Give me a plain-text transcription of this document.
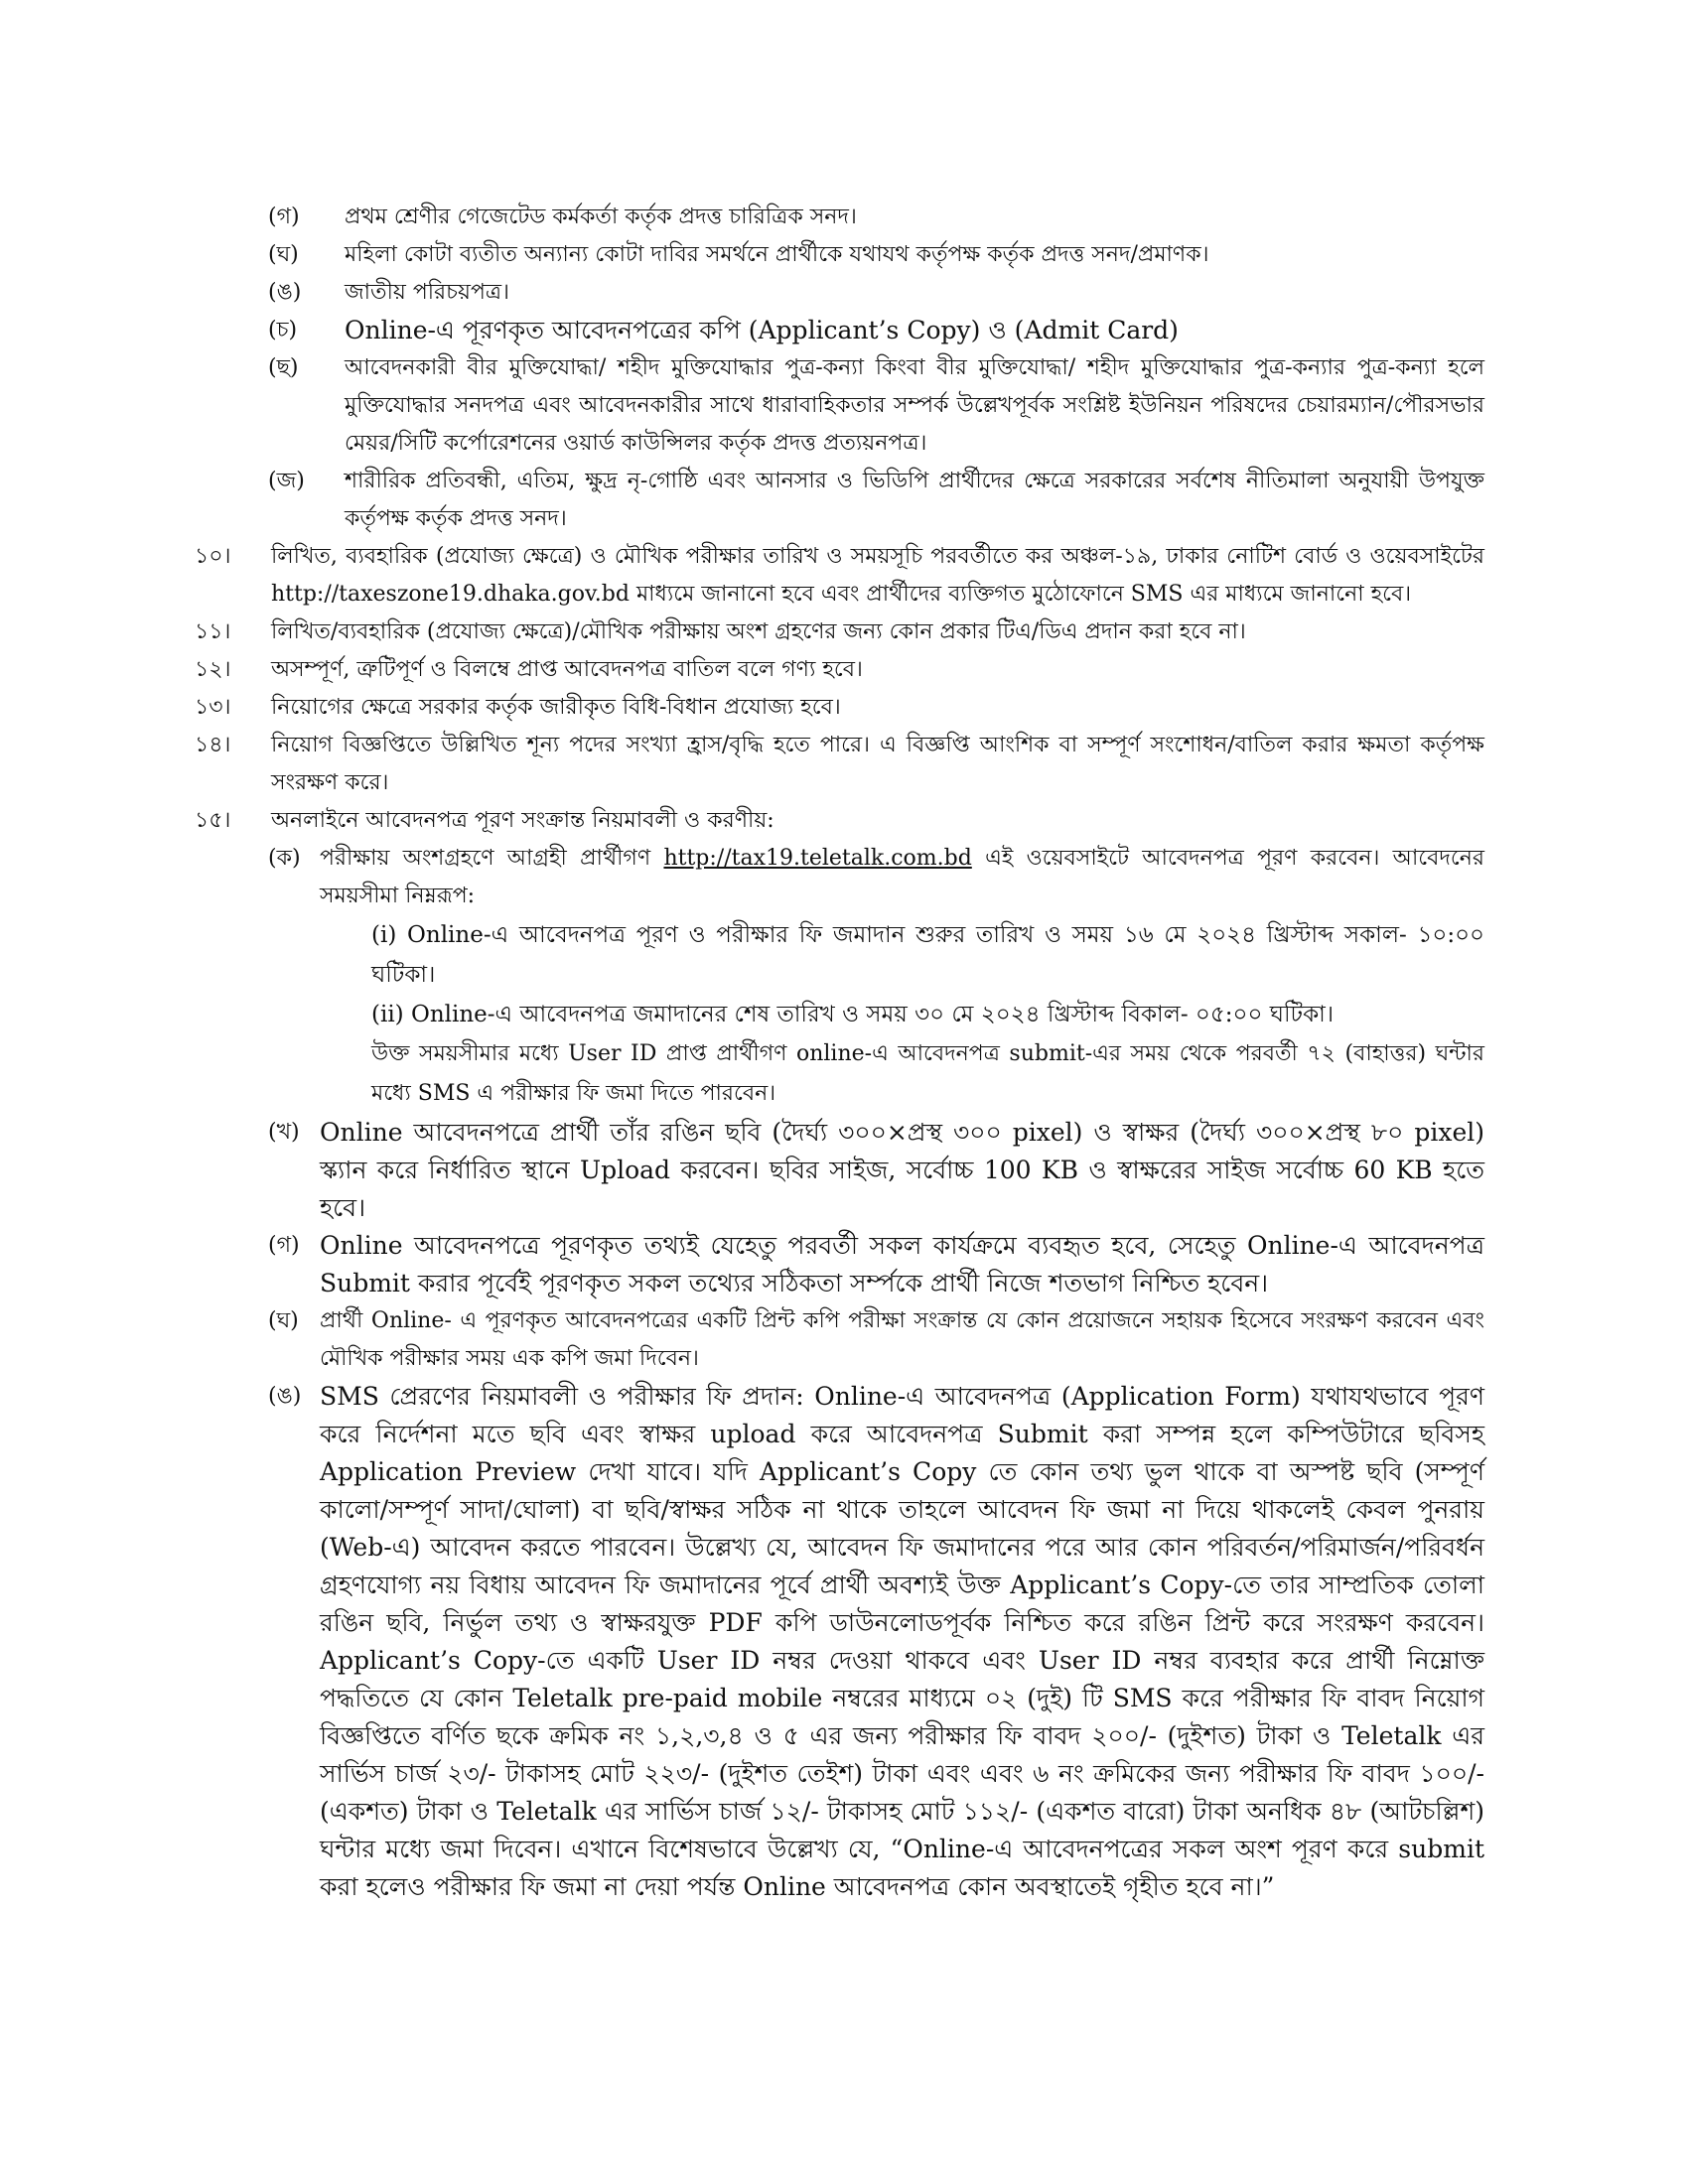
(গ)	প্রথম শ্রেণীর গেজেটেড কর্মকর্তা কর্তৃক প্রদত্ত চারিত্রিক সনদ।
(ঘ)	মহিলা কোটা ব্যতীত অন্যান্য কোটা দাবির সমর্থনে প্রার্থীকে যথাযথ কর্তৃপক্ষ কর্তৃক প্রদত্ত সনদ/প্রমাণক।
(ঙ)	জাতীয় পরিচয়পত্র।
(চ)	Online-এ পূরণকৃত আবেদনপত্রের কপি (Applicant’s Copy) ও (Admit Card)
(ছ)	আবেদনকারী বীর মুক্তিযোদ্ধা/ শহীদ মুক্তিযোদ্ধার পুত্র-কন্যা কিংবা বীর মুক্তিযোদ্ধা/ শহীদ মুক্তিযোদ্ধার পুত্র-কন্যার পুত্র-কন্যা হলে মুক্তিযোদ্ধার সনদপত্র এবং আবেদনকারীর সাথে ধারাবাহিকতার সম্পর্ক উল্লেখপূর্বক সংশ্লিষ্ট ইউনিয়ন পরিষদের চেয়ারম্যান/পৌরসভার মেয়র/সিটি কর্পোরেশনের ওয়ার্ড কাউন্সিলর কর্তৃক প্রদত্ত প্রত্যয়নপত্র।
(জ)	শারীরিক প্রতিবন্ধী, এতিম, ক্ষুদ্র নৃ-গোষ্ঠি এবং আনসার ও ভিডিপি প্রার্থীদের ক্ষেত্রে সরকারের সর্বশেষ নীতিমালা অনুযায়ী উপযুক্ত কর্তৃপক্ষ কর্তৃক প্রদত্ত সনদ।
১০।	লিখিত, ব্যবহারিক (প্রযোজ্য ক্ষেত্রে) ও মৌখিক পরীক্ষার তারিখ ও সময়সূচি পরবর্তীতে কর অঞ্চল-১৯, ঢাকার নোটিশ বোর্ড ও ওয়েবসাইটের http://taxeszone19.dhaka.gov.bd মাধ্যমে জানানো হবে এবং প্রার্থীদের ব্যক্তিগত মুঠোফোনে SMS এর মাধ্যমে জানানো হবে।
১১।	লিখিত/ব্যবহারিক (প্রযোজ্য ক্ষেত্রে)/মৌখিক পরীক্ষায় অংশ গ্রহণের জন্য কোন প্রকার টিএ/ডিএ প্রদান করা হবে না।
১২।	অসম্পূর্ণ, ত্রুটিপূর্ণ ও বিলম্বে প্রাপ্ত আবেদনপত্র বাতিল বলে গণ্য হবে।
১৩।	নিয়োগের ক্ষেত্রে সরকার কর্তৃক জারীকৃত বিধি-বিধান প্রযোজ্য হবে।
১৪।	নিয়োগ বিজ্ঞপ্তিতে উল্লিখিত শূন্য পদের সংখ্যা হ্রাস/বৃদ্ধি হতে পারে। এ বিজ্ঞপ্তি আংশিক বা সম্পূর্ণ সংশোধন/বাতিল করার ক্ষমতা কর্তৃপক্ষ সংরক্ষণ করে।
১৫।	অনলাইনে আবেদনপত্র পূরণ সংক্রান্ত নিয়মাবলী ও করণীয়:
(ক) পরীক্ষায় অংশগ্রহণে আগ্রহী প্রার্থীগণ http://tax19.teletalk.com.bd এই ওয়েবসাইটে আবেদনপত্র পূরণ করবেন। আবেদনের সময়সীমা নিম্নরূপ:
(i) Online-এ আবেদনপত্র পূরণ ও পরীক্ষার ফি জমাদান শুরুর তারিখ ও সময় ১৬ মে ২০২৪ খ্রিস্টাব্দ সকাল- ১০:০০ ঘটিকা।
(ii) Online-এ আবেদনপত্র জমাদানের শেষ তারিখ ও সময় ৩০ মে ২০২৪ খ্রিস্টাব্দ বিকাল- ০৫:০০ ঘটিকা।
উক্ত সময়সীমার মধ্যে User ID প্রাপ্ত প্রার্থীগণ online-এ আবেদনপত্র submit-এর সময় থেকে পরবর্তী ৭২ (বাহাত্তর) ঘন্টার মধ্যে SMS এ পরীক্ষার ফি জমা দিতে পারবেন।
(খ) Online আবেদনপত্রে প্রার্থী তাঁর রঙিন ছবি (দৈর্ঘ্য ৩০০×প্রস্থ ৩০০ pixel) ও স্বাক্ষর (দৈর্ঘ্য ৩০০×প্রস্থ ৮০ pixel) স্ক্যান করে নির্ধারিত স্থানে Upload করবেন। ছবির সাইজ, সর্বোচ্চ 100 KB ও স্বাক্ষরের সাইজ সর্বোচ্চ 60 KB হতে হবে।
(গ) Online আবেদনপত্রে পূরণকৃত তথ্যই যেহেতু পরবর্তী সকল কার্যক্রমে ব্যবহৃত হবে, সেহেতু Online-এ আবেদনপত্র Submit করার পূর্বেই পূরণকৃত সকল তথ্যের সঠিকতা সর্ম্পকে প্রার্থী নিজে শতভাগ নিশ্চিত হবেন।
(ঘ) প্রার্থী Online- এ পূরণকৃত আবেদনপত্রের একটি প্রিন্ট কপি পরীক্ষা সংক্রান্ত যে কোন প্রয়োজনে সহায়ক হিসেবে সংরক্ষণ করবেন এবং মৌখিক পরীক্ষার সময় এক কপি জমা দিবেন।
(ঙ) SMS প্রেরণের নিয়মাবলী ও পরীক্ষার ফি প্রদান: Online-এ আবেদনপত্র (Application Form) যথাযথভাবে পূরণ করে নির্দেশনা মতে ছবি এবং স্বাক্ষর upload করে আবেদনপত্র Submit করা সম্পন্ন হলে কম্পিউটারে ছবিসহ Application Preview দেখা যাবে। যদি Applicant’s Copy তে কোন তথ্য ভুল থাকে বা অস্পষ্ট ছবি (সম্পূর্ণ কালো/সম্পূর্ণ সাদা/ঘোলা) বা ছবি/স্বাক্ষর সঠিক না থাকে তাহলে আবেদন ফি জমা না দিয়ে থাকলেই কেবল পুনরায় (Web-এ) আবেদন করতে পারবেন। উল্লেখ্য যে, আবেদন ফি জমাদানের পরে আর কোন পরিবর্তন/পরিমার্জন/পরিবর্ধন গ্রহণযোগ্য নয় বিধায় আবেদন ফি জমাদানের পূর্বে প্রার্থী অবশ্যই উক্ত Applicant’s Copy-তে তার সাম্প্রতিক তোলা রঙিন ছবি, নির্ভুল তথ্য ও স্বাক্ষরযুক্ত PDF কপি ডাউনলোডপূর্বক নিশ্চিত করে রঙিন প্রিন্ট করে সংরক্ষণ করবেন। Applicant’s Copy-তে একটি User ID নম্বর দেওয়া থাকবে এবং User ID নম্বর ব্যবহার করে প্রার্থী নিম্নোক্ত পদ্ধতিতে যে কোন Teletalk pre-paid mobile নম্বরের মাধ্যমে ০২ (দুই) টি SMS করে পরীক্ষার ফি বাবদ নিয়োগ বিজ্ঞপ্তিতে বর্ণিত ছকে ক্রমিক নং ১,২,৩,৪ ও ৫ এর জন্য পরীক্ষার ফি বাবদ ২০০/- (দুইশত) টাকা ও Teletalk এর সার্ভিস চার্জ ২৩/- টাকাসহ মোট ২২৩/- (দুইশত তেইশ) টাকা এবং এবং ৬ নং ক্রমিকের জন্য পরীক্ষার ফি বাবদ ১০০/- (একশত) টাকা ও Teletalk এর সার্ভিস চার্জ ১২/- টাকাসহ মোট ১১২/- (একশত বারো) টাকা অনধিক ৪৮ (আটচল্লিশ) ঘন্টার মধ্যে জমা দিবেন। এখানে বিশেষভাবে উল্লেখ্য যে, “Online-এ আবেদনপত্রের সকল অংশ পূরণ করে submit করা হলেও পরীক্ষার ফি জমা না দেয়া পর্যন্ত Online আবেদনপত্র কোন অবস্থাতেই গৃহীত হবে না।”
